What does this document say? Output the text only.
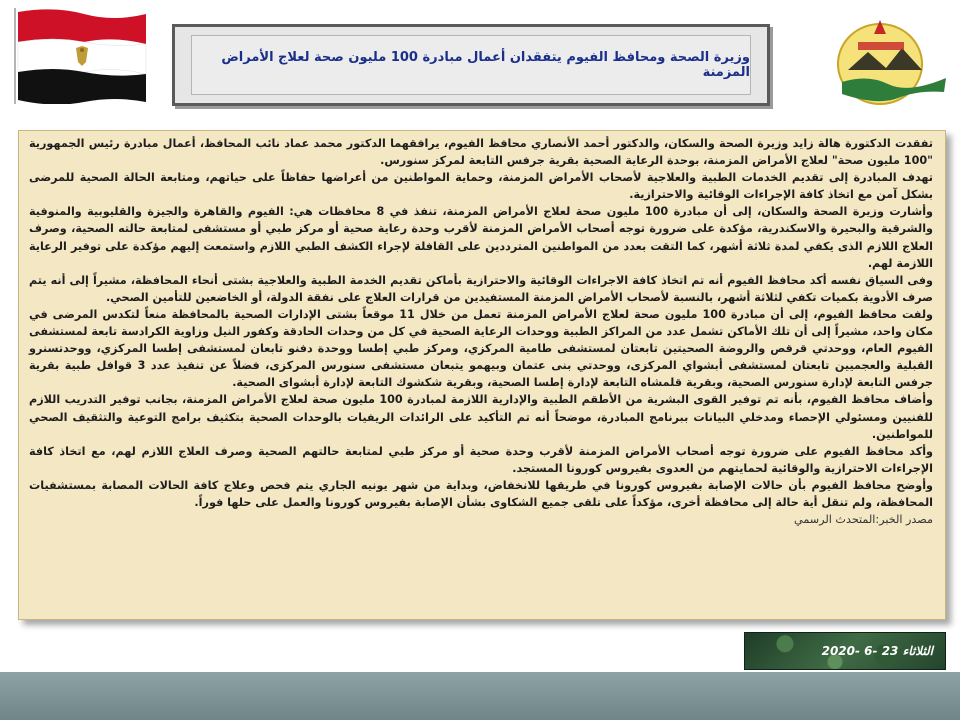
وزيرة الصحة ومحافظ الفيوم يتفقدان أعمال مبادرة 100 مليون صحة لعلاج الأمراض المزمنة

تفقدت الدكتورة هالة زايد وزيرة الصحة والسكان، والدكتور أحمد الأنصاري محافظ الفيوم، يرافقهما الدكتور محمد عماد نائب المحافظ، أعمال مبادرة رئيس الجمهورية "100 مليون صحة" لعلاج الأمراض المزمنة، بوحدة الرعاية الصحية بقرية جرفس التابعة لمركز سنورس.

تهدف المبادرة إلى تقديم الخدمات الطبية والعلاجية لأصحاب الأمراض المزمنة، وحماية المواطنين من أعراضها حفاظاً على حياتهم، ومتابعة الحالة الصحية للمرضى بشكل آمن مع اتخاذ كافة الإجراءات الوقائية والاحترازية.

وأشارت وزيرة الصحة والسكان، إلى أن مبادرة 100 مليون صحة لعلاج الأمراض المزمنة، تنفذ في 8 محافظات هي: الفيوم والقاهرة والجيزة والقليوبية والمنوفية والشرقية والبحيرة والاسكندرية، مؤكدة على ضرورة توجه أصحاب الأمراض المزمنة لأقرب وحدة رعاية صحية أو مركز طبي أو مستشفى لمتابعة حالته الصحية، وصرف العلاج اللازم الذى يكفي لمدة ثلاثة أشهر، كما التقت بعدد من المواطنين المترددين على القافلة لإجراء الكشف الطبي اللازم واستمعت إليهم مؤكدة على توفير الرعاية اللازمة لهم.

وفى السياق نفسه أكد محافظ الفيوم أنه تم اتخاذ كافة الاجراءات الوقائية والاحترازية بأماكن تقديم الخدمة الطبية والعلاجية بشتى أنحاء المحافظة، مشيراً إلى أنه يتم صرف الأدوية بكميات تكفي لثلاثة أشهر، بالنسبة لأصحاب الأمراض المزمنة المستفيدين من قرارات العلاج على نفقة الدولة، أو الخاضعين للتأمين الصحي.

ولفت محافظ الفيوم، إلى أن مبادرة 100 مليون صحة لعلاج الأمراض المزمنة تعمل من خلال 11 موقعاً بشتى الإدارات الصحية بالمحافظة منعاً لتكدس المرضى في مكان واحد، مشيراً إلى أن تلك الأماكن تشمل عدد من المراكز الطبية ووحدات الرعاية الصحية في كل من وحدات الحادقة وكفور النيل وزاوية الكرادسة تابعة لمستشفى الفيوم العام، ووحدتي قرقص والروضة الصحيتين تابعتان لمستشفى طامية المركزي، ومركز طبي إطسا ووحدة دفنو تابعان لمستشفى إطسا المركزي، ووحدتسنرو القبلية والعجميين تابعتان لمستشفى أبشواي المركزى، ووحدتي بنى عتمان وبيهمو يتبعان مستشفى سنورس المركزى، فضلاً عن تنفيذ عدد 3 قوافل طبية بقرية جرفس التابعة لإدارة سنورس الصحية، وبقرية قلمشاه التابعة لإدارة إطسا الصحية، وبقرية شكشوك التابعة لإدارة أبشواى الصحية.

وأضاف محافظ الفيوم، بأنه تم توفير القوى البشرية من الأطقم الطبية والإدارية اللازمة لمبادرة 100 مليون صحة لعلاج الأمراض المزمنة، بجانب توفير التدريب اللازم للفنيين ومسئولي الإحصاء ومدخلي البيانات ببرنامج المبادرة، موضحاً أنه تم التأكيد على الرائدات الريفيات بالوحدات الصحية بتكثيف برامج التوعية والتثقيف الصحي للمواطنين.

وأكد محافظ الفيوم على ضرورة توجه أصحاب الأمراض المزمنة لأقرب وحدة صحية أو مركز طبي لمتابعة حالتهم الصحية وصرف العلاج اللازم لهم، مع اتخاذ كافة الإجراءات الاحترازية والوقائية لحمايتهم من العدوى بفيروس كورونا المستجد.

وأوضح محافظ الفيوم بأن حالات الإصابة بفيروس كورونا في طريقها للانخفاض، وبداية من شهر يونيه الجاري يتم فحص وعلاج كافة الحالات المصابة بمستشفيات المحافظة، ولم تنقل أية حالة إلى محافظة أخرى، مؤكداً على تلقى جميع الشكاوى بشأن الإصابة بفيروس كورونا والعمل على حلها فوراً.

مصدر الخبر:المتحدث الرسمي

الثلاثاء 23 -6 -2020
